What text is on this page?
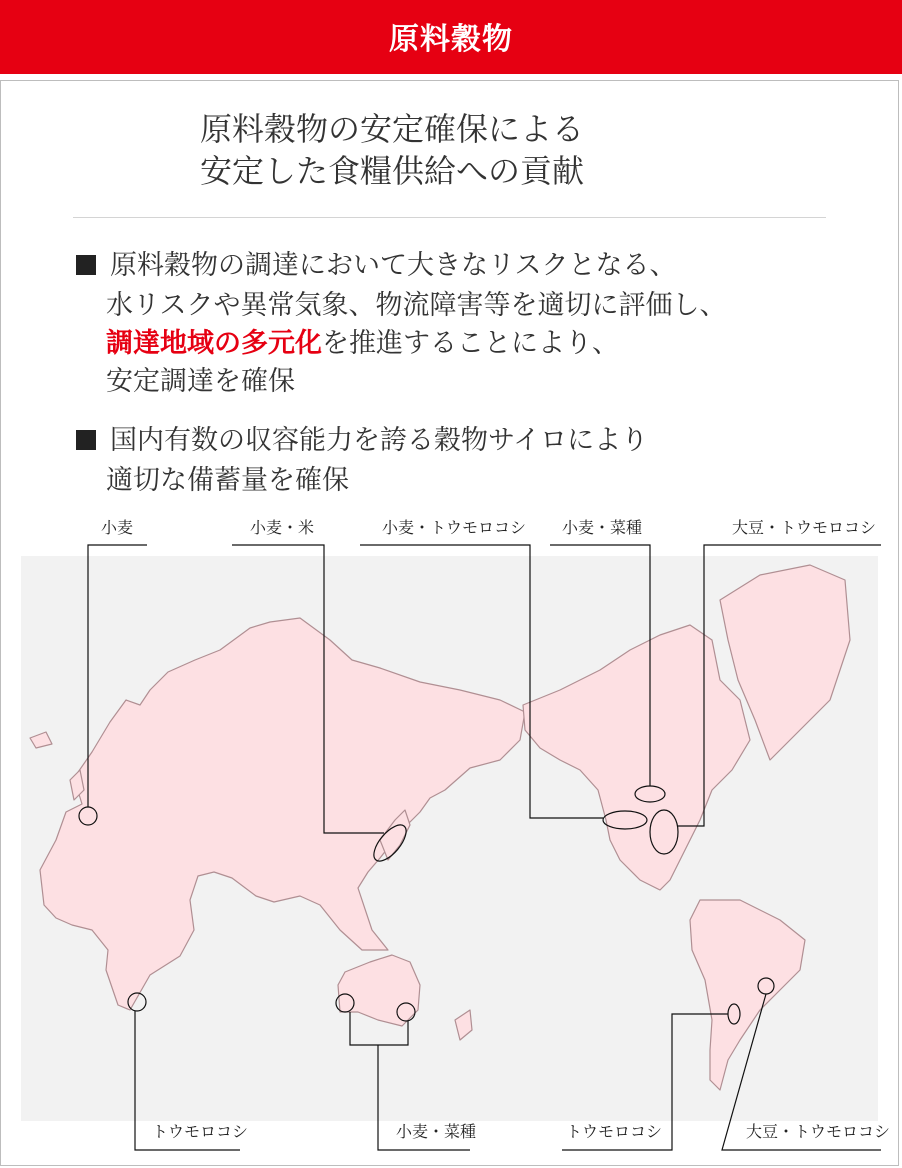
原料穀物
原料穀物の安定確保による
安定した食糧供給への貢献
原料穀物の調達において大きなリスクとなる、
水リスクや異常気象、物流障害等を適切に評価し、
調達地域の多元化を推進することにより、
安定調達を確保
国内有数の収容能力を誇る穀物サイロにより
適切な備蓄量を確保
小麦	小麦・米	小麦・トウモロコシ 小麦・菜種	大豆・トウモロコシ
トウモロコシ	小麦・菜種	トウモロコシ	大豆・トウモロコシ
